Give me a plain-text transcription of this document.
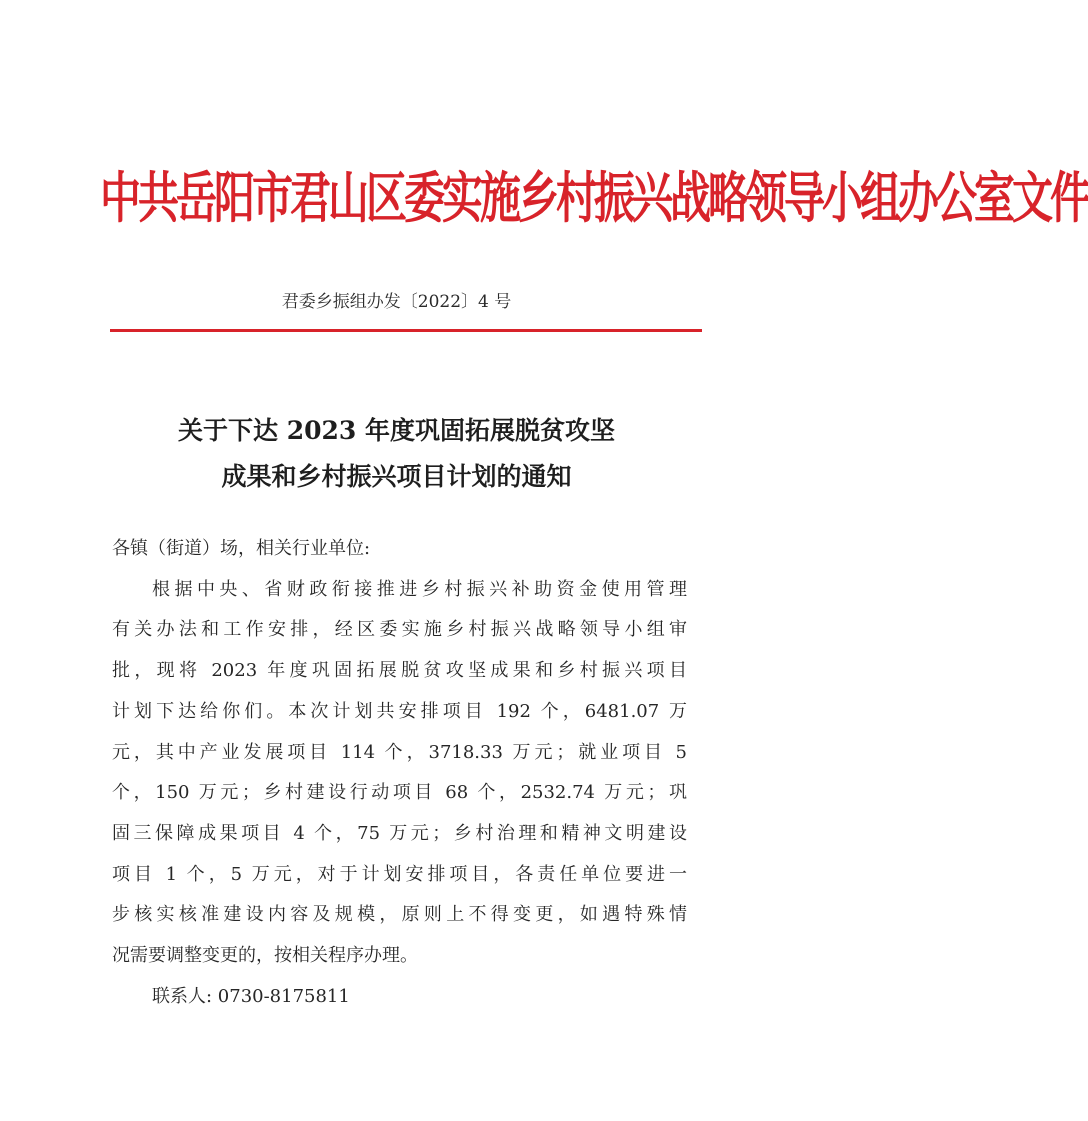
中共岳阳市君山区委实施乡村振兴战略领导小组办公室文件
君委乡振组办发〔2022〕4 号
关于下达 2023 年度巩固拓展脱贫攻坚
成果和乡村振兴项目计划的通知
各镇（街道）场，相关行业单位:
根据中央、省财政衔接推进乡村振兴补助资金使用管理
有关办法和工作安排，经区委实施乡村振兴战略领导小组审
批，现将 2023 年度巩固拓展脱贫攻坚成果和乡村振兴项目
计划下达给你们。本次计划共安排项目 192 个，6481.07 万
元，其中产业发展项目 114 个，3718.33 万元；就业项目 5
个，150 万元；乡村建设行动项目 68 个，2532.74 万元；巩
固三保障成果项目 4 个，75 万元；乡村治理和精神文明建设
项目 1 个，5 万元，对于计划安排项目，各责任单位要进一
步核实核准建设内容及规模，原则上不得变更，如遇特殊情
况需要调整变更的，按相关程序办理。
联系人: 0730-8175811
